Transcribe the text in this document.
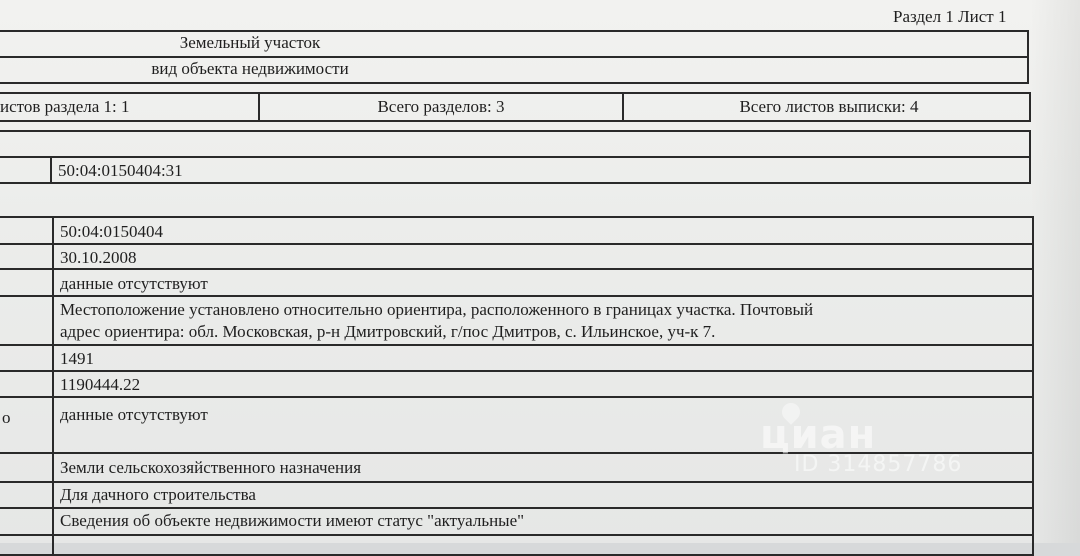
Раздел 1 Лист 1
Земельный участок
вид объекта недвижимости
истов раздела 1: 1	Всего разделов: 3	Всего листов выписки: 4
50:04:0150404:31
50:04:0150404
30.10.2008
данные отсутствуют
Местоположение установлено относительно ориентира, расположенного в границах участка. Почтовый
адрес ориентира: обл. Московская, р-н Дмитровский, г/пос Дмитров, с. Ильинское, уч-к 7.
1491
1190444.22
о	данные отсутствуют
Земли сельскохозяйственного назначения
Для дачного строительства
Сведения об объекте недвижимости имеют статус "актуальные"
циан
ID 314857786
